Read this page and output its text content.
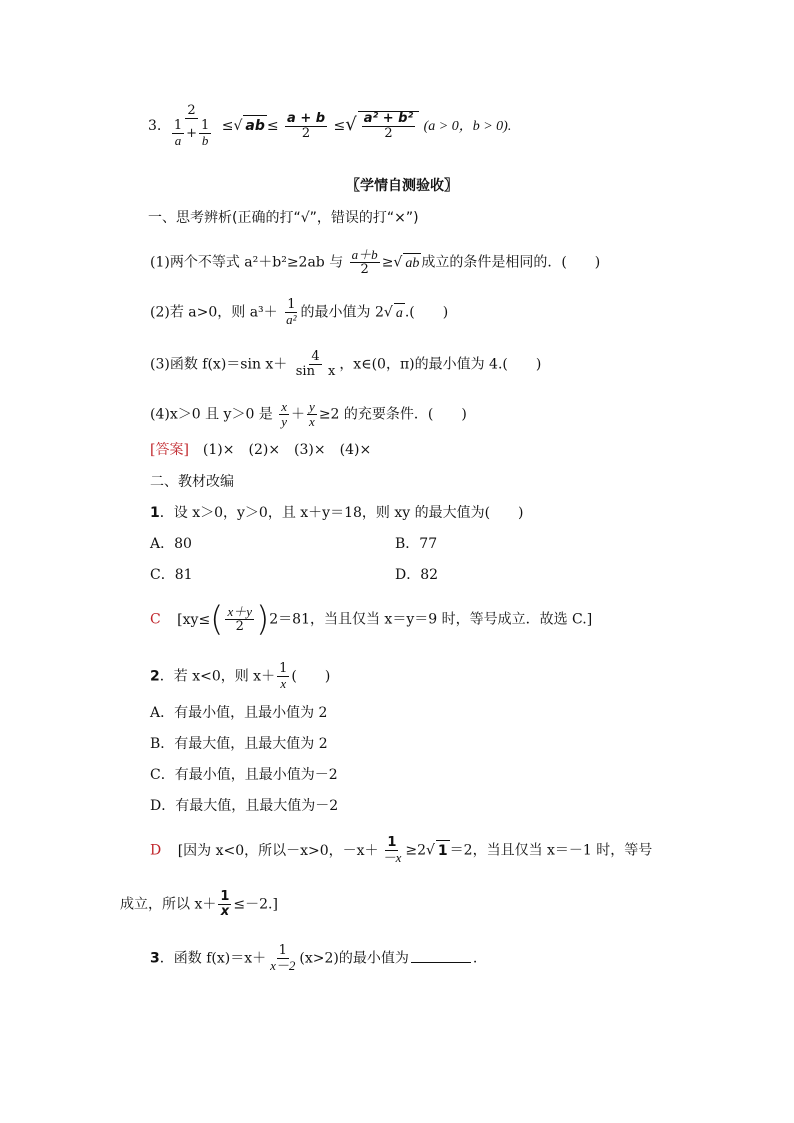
3. $\frac{2}{\frac{1}{a} + \frac{1}{b}}$ ≤√ ab ≤ $\frac{a + b}{2}$ ≤√ $\frac{\text{a² + b²}}{2} (a > 0$，b > 0).
〖学情自测验收〗
一、思考辨析(正确的打“√”，错误的打“×”)
(1)两个不等式 a²＋b²≥2ab 与 $\frac{a+b}{2}$ ≥√ ab 成立的条件是相同的．(　　)
(2)若 a>0，则 $a^3+ \frac{1}{\text{a²}}$ 的最小值为 2√ a .(　　)
(3)函数 f(x)＝sin $x+ \frac{4}{\text{sin　x}}$ ，x∈(0，π)的最小值为 4.(　　)
(4)x＞0 且 y＞0 是 $\frac{x}{y} + \frac{y}{x} \ge 2$ 的充要条件．(　　)
[答案]　(1)×　(2)×　(3)×　(4)×
二、教材改编
1．设 x＞0，y＞0，且 x＋y＝18，则 xy 的最大值为(　　)
A．80	B．77
C．81	D．82
C [$xy\le( \frac{x+y}{2} )2=81$，当且仅当 x＝y＝9 时，等号成立．故选 C.]
2．若 x<0，则 $x+ \frac{1}{x}$ (　　)
A．有最小值，且最小值为 2
B．有最大值，且最大值为 2
C．有最小值，且最小值为－2
D．有最大值，且最大值为－2
D [因为 x<0，所以－x>0，$-x+ \frac{1}{-x} \ge 2√$ 1 ＝2，当且仅当 x＝－1 时，等号
成立，所以 $x+ \frac{1}{x} \le-2$.]
3．函数 $f(x)=x+ \frac{1}{x-2} (x>2)$的最小值为	.
